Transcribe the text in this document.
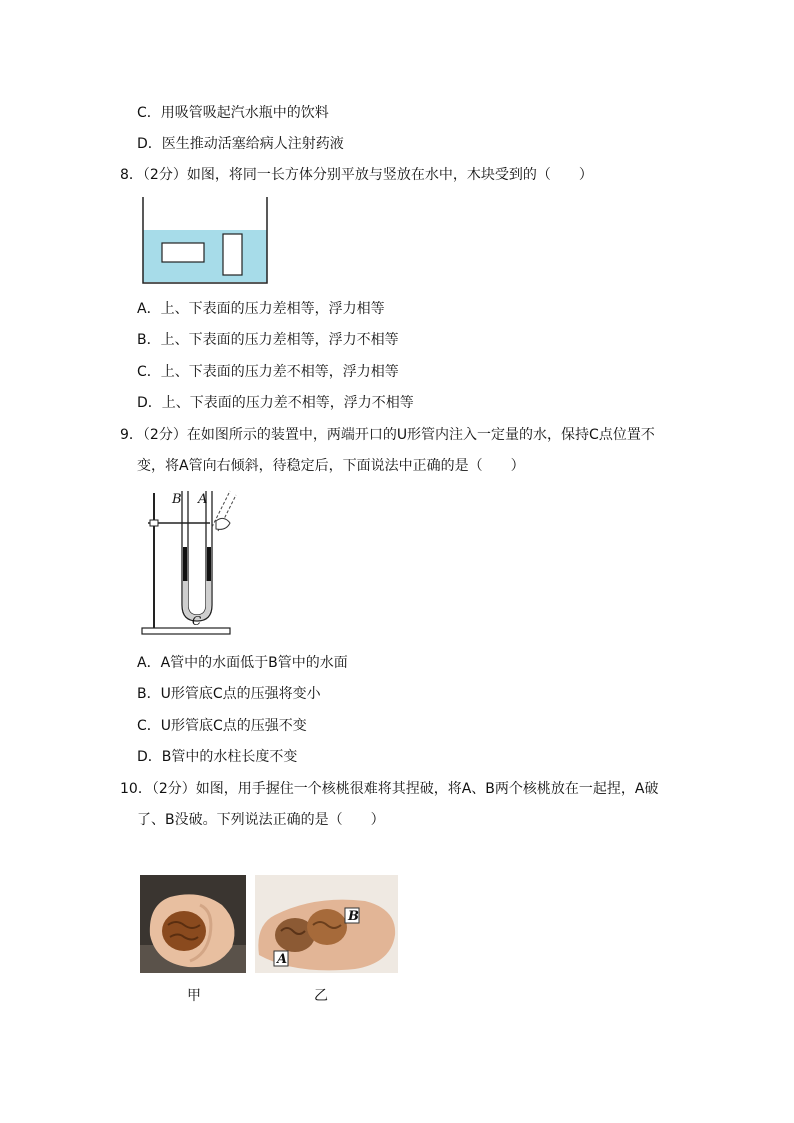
C．用吸管吸起汽水瓶中的饮料
D．医生推动活塞给病人注射药液
8．（2分）如图，将同一长方体分别平放与竖放在水中，木块受到的（　　）
A．上、下表面的压力差相等，浮力相等
B．上、下表面的压力差相等，浮力不相等
C．上、下表面的压力差不相等，浮力相等
D．上、下表面的压力差不相等，浮力不相等
9．（2分）在如图所示的装置中，两端开口的U形管内注入一定量的水，保持C点位置不
变，将A管向右倾斜，待稳定后，下面说法中正确的是（　　）
B A
C
A．A管中的水面低于B管中的水面
B．U形管底C点的压强将变小
C．U形管底C点的压强不变
D．B管中的水柱长度不变
10．（2分）如图，用手握住一个核桃很难将其捏破，将A、B两个核桃放在一起捏，A破
了、B没破。下列说法正确的是（　　）
B
A
甲	乙
